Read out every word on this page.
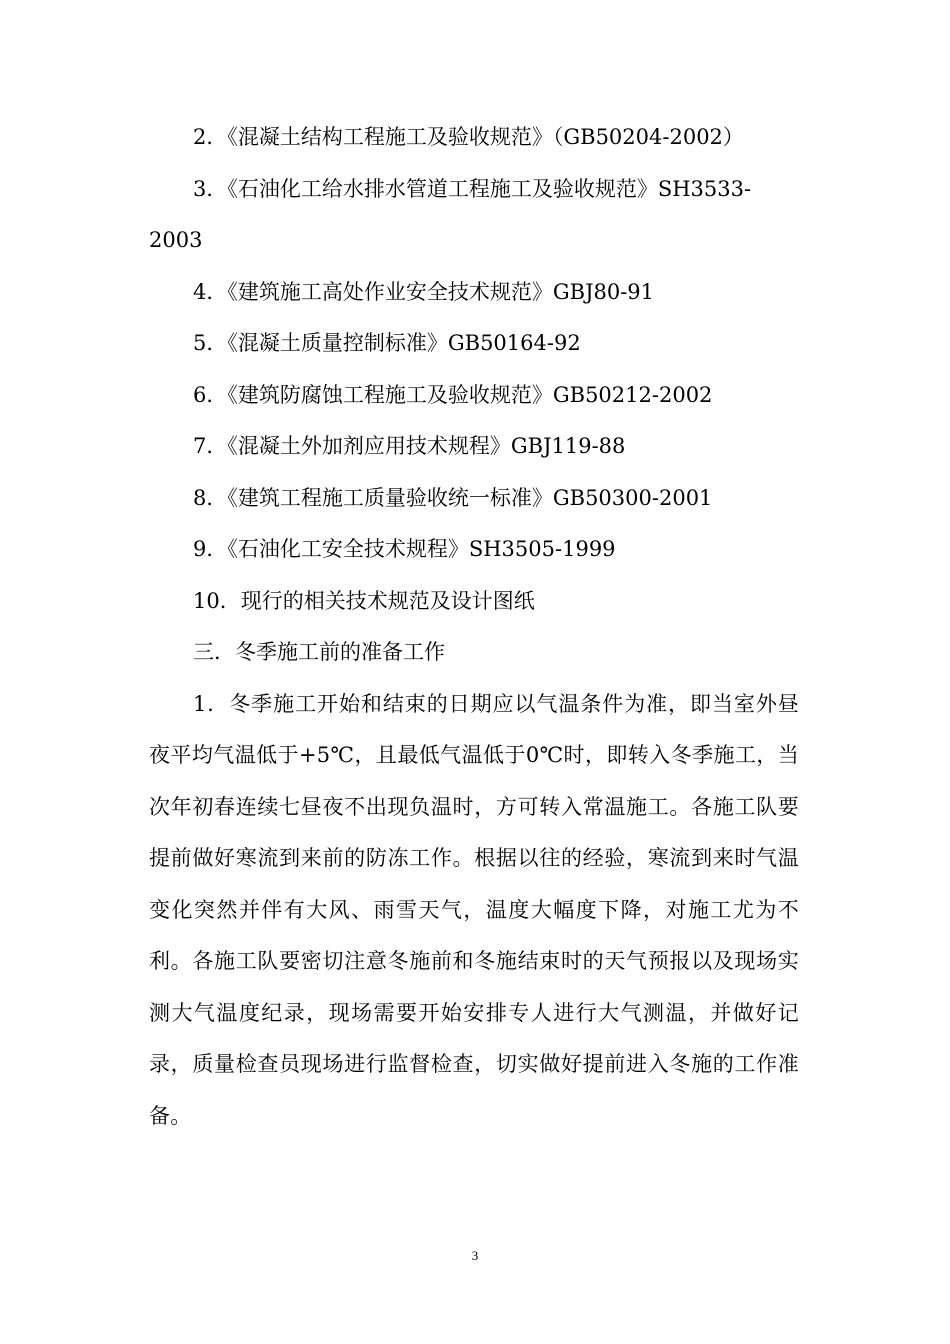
2．《混凝土结构工程施工及验收规范》（GB50204-2002）
3．《石油化工给水排水管道工程施工及验收规范》SH3533-
2003
4．《建筑施工高处作业安全技术规范》GBJ80-91
5．《混凝土质量控制标准》GB50164-92
6．《建筑防腐蚀工程施工及验收规范》GB50212-2002
7．《混凝土外加剂应用技术规程》GBJ119-88
8．《建筑工程施工质量验收统一标准》GB50300-2001
9．《石油化工安全技术规程》SH3505-1999
10．现行的相关技术规范及设计图纸
三．冬季施工前的准备工作
1．冬季施工开始和结束的日期应以气温条件为准，即当室外昼夜平均气温低于+5℃，且最低气温低于0℃时，即转入冬季施工，当次年初春连续七昼夜不出现负温时，方可转入常温施工。各施工队要提前做好寒流到来前的防冻工作。根据以往的经验，寒流到来时气温变化突然并伴有大风、雨雪天气，温度大幅度下降，对施工尤为不利。各施工队要密切注意冬施前和冬施结束时的天气预报以及现场实测大气温度纪录，现场需要开始安排专人进行大气测温，并做好记录，质量检查员现场进行监督检查，切实做好提前进入冬施的工作准备。
3
